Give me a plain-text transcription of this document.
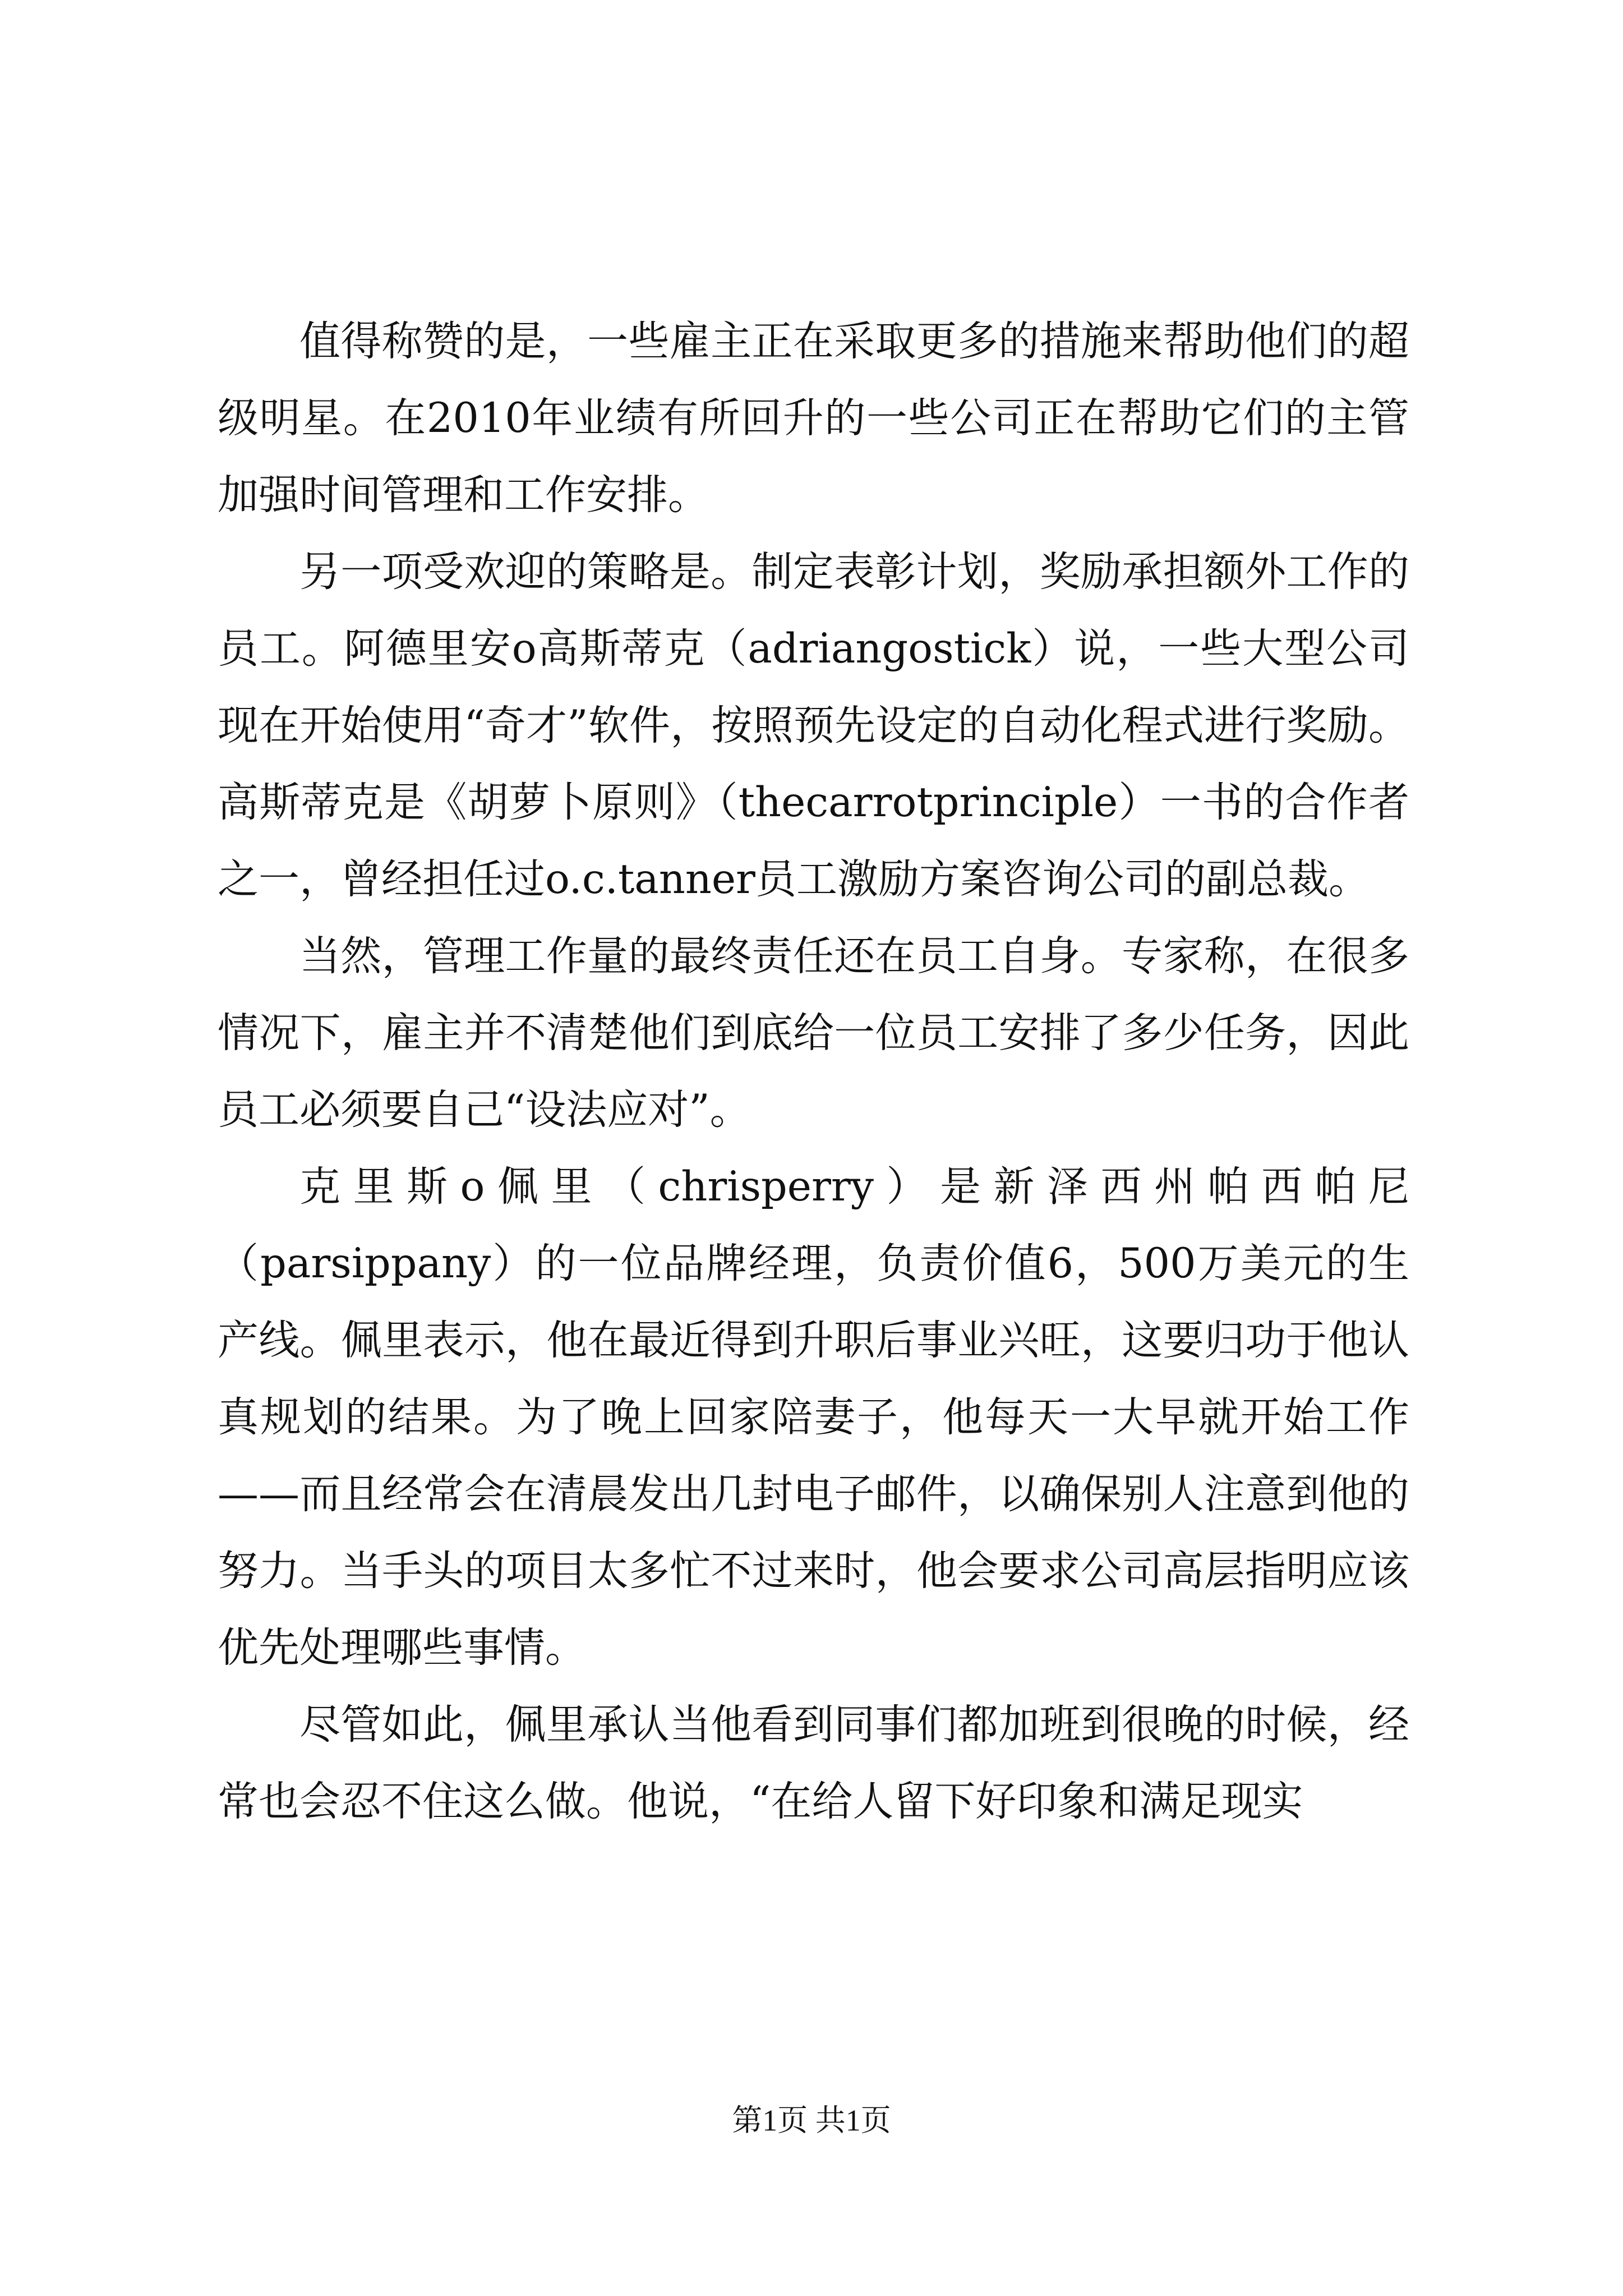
值得称赞的是，一些雇主正在采取更多的措施来帮助他们的超级明星。在2010年业绩有所回升的一些公司正在帮助它们的主管加强时间管理和工作安排。

另一项受欢迎的策略是。制定表彰计划，奖励承担额外工作的员工。阿德里安o高斯蒂克（adriangostick）说，一些大型公司现在开始使用“奇才”软件，按照预先设定的自动化程式进行奖励。高斯蒂克是《胡萝卜原则》（thecarrotprinciple）一书的合作者之一，曾经担任过o.c.tanner员工激励方案咨询公司的副总裁。

当然，管理工作量的最终责任还在员工自身。专家称，在很多情况下，雇主并不清楚他们到底给一位员工安排了多少任务，因此员工必须要自己“设法应对”。

克里斯o佩里（chrisperry）是新泽西州帕西帕尼（parsippany）的一位品牌经理，负责价值6，500万美元的生产线。佩里表示，他在最近得到升职后事业兴旺，这要归功于他认真规划的结果。为了晚上回家陪妻子，他每天一大早就开始工作——而且经常会在清晨发出几封电子邮件，以确保别人注意到他的努力。当手头的项目太多忙不过来时，他会要求公司高层指明应该优先处理哪些事情。

尽管如此，佩里承认当他看到同事们都加班到很晚的时候，经常也会忍不住这么做。他说，“在给人留下好印象和满足现实

第1页 共1页
